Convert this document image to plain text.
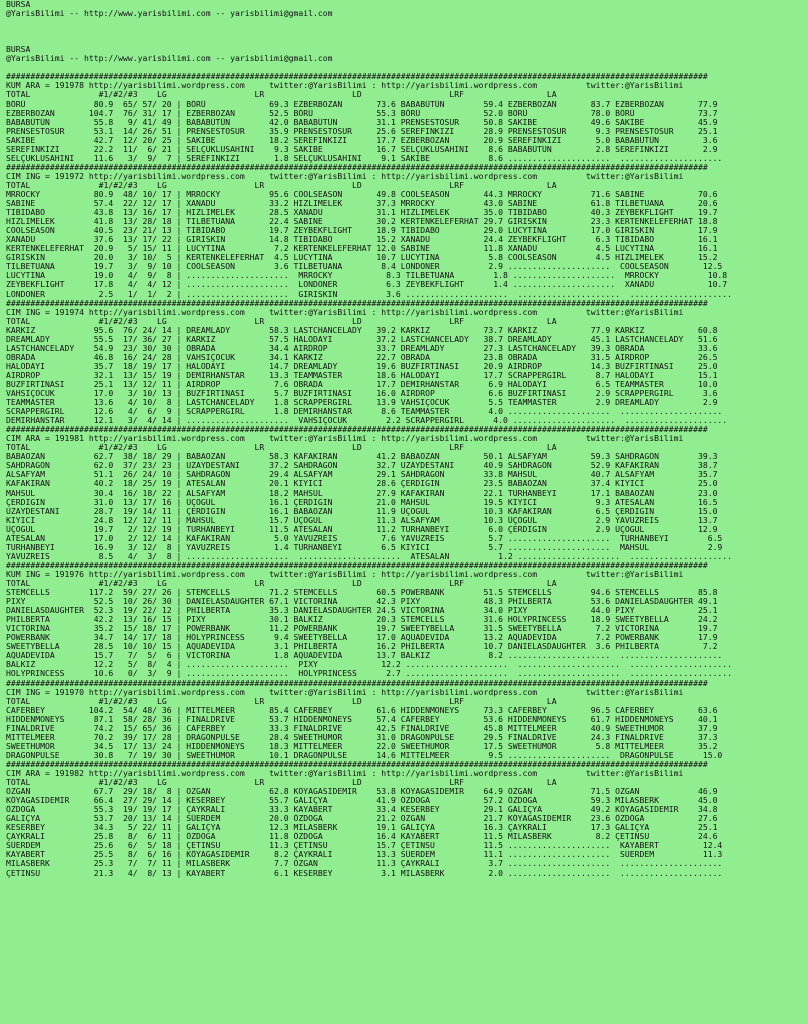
BURSA
@YarisBilimi -- http://www.yarisbilimi.com -- yarisbilimi@gmail.com

BURSA
@YarisBilimi -- http://www.yarisbilimi.com -- yarisbilimi@gmail.com

################################################################################################################################################
KUM ARA = 191978 http://yarisbilimi.wordpress.com     twitter:@YarisBilimi : http://yarisbilimi.wordpress.com          twitter:@YarisBilimi
TOTAL              #1/#2/#3    LG                  LR                  LD                  LRF                 LA
BÖRÜ              80.9  65/ 57/ 20 | BÖRÜ             69.3 EZBERBOZAN       73.6 BABABÜTÜN        59.4 EZBERBOZAN       83.7 EZBERBOZAN       77.9
EZBERBOZAN       104.7  76/ 31/ 17 | EZBERBOZAN       52.5 BÖRÜ             55.3 BÖRÜ             52.0 BÖRÜ             78.0 BÖRÜ             73.7
BABABÜTÜN         55.8   9/ 41/ 49 | BABABÜTÜN        42.0 BABABÜTÜN        31.1 PRENSESTOSUR     50.8 SAKIBE           49.6 SAKIBE           45.9
PRENSESTOSUR      53.1  14/ 26/ 51 | PRENSESTOSUR     35.9 PRENSESTOSUR     25.6 SEREFINKIZI      28.9 PRENSESTOSUR      9.3 PRENSESTOSUR     25.1
SAKIBE            42.7  12/ 20/ 25 | SAKIBE           18.2 SEREFINKIZI      17.7 EZBERBOZAN       20.9 SEREFINKIZI       5.0 BABABÜTÜN         3.6
SEREFINKIZI       22.2  11/  6/ 21 | SELÇUKLUSAHINI    9.3 SAKIBE           16.7 SELÇUKLUSAHINI    8.6 BABABÜTÜN         2.8 SEREFINKIZI       2.9
SELÇUKLUSAHINI    11.6   3/  9/  7 | SEREFINKIZI       1.8 SELÇUKLUSAHINI    9.1 SAKIBE            8.6 .....................  .....................
################################################################################################################################################
CIM ING = 191972 http://yarisbilimi.wordpress.com     twitter:@YarisBilimi : http://yarisbilimi.wordpress.com          twitter:@YarisBilimi
TOTAL              #1/#2/#3    LG                  LR                  LD                  LRF                 LA
MRROCKY           80.9  48/ 10/ 17 | MRROCKY          95.6 COOLSEASON       49.8 COOLSEASON       44.3 MRROCKY          71.6 SABINE           70.6
SABINE            57.4  22/ 12/ 17 | XANADU           33.2 HIZLIMELEK       37.3 MRROCKY          43.0 SABINE           61.8 TILBETUANA       20.6
TIBIDABO          43.8  13/ 16/ 17 | HIZLIMELEK       28.5 XANADU           31.1 HIZLIMELEK       35.0 TIBIDABO         40.3 ZEYBEKFLIGHT     19.7
HIZLIMELEK        41.8  13/ 28/ 18 | TILBETUANA       22.4 SABINE           30.2 KERTENKELEFERHAT 29.7 GIRISKIN         23.3 KERTENKELEFERHAT 18.8
COOLSEASON        40.5  23/ 21/ 13 | TIBIDABO         19.7 ZEYBEKFLIGHT     18.9 TIBIDABO         29.0 LUCYTINA         17.0 GIRISKIN         17.9
XANADU            37.6  13/ 17/ 22 | GIRISKIN         14.8 TIBIDABO         15.2 XANADU           24.4 ZEYBEKFLIGHT      6.3 TIBIDABO         16.1
KERTENKELEFERHAT  20.9   5/ 15/ 11 | LUCYTINA          7.2 KERTENKELEFERHAT 12.0 SABINE           11.8 XANADU            4.5 LUCYTINA         16.1
GIRISKIN          20.0   3/ 10/  5 | KERTENKELEFERHAT  4.5 LUCYTINA         10.7 LUCYTINA          5.8 COOLSEASON        4.5 HIZLIMELEK       15.2
TILBETUANA        19.7   3/  9/ 10 | COOLSEASON        3.6 TILBETUANA        8.4 LONDONER          2.9 .....................  COOLSEASON       12.5
LUCYTINA          19.0   4/  9/  8 | .....................  MRROCKY           8.3 TILBETUANA        1.8 .....................  MRROCKY          10.8
ZEYBEKFLIGHT      17.8   4/  4/ 12 | .....................  LONDONER          6.3 ZEYBEKFLIGHT      1.4 .....................  XANADU           10.7
LONDONER           2.5   1/  1/  2 | .....................  GIRISKIN          3.6 .....................  .....................  .....................
################################################################################################################################################
CIM ING = 191974 http://yarisbilimi.wordpress.com     twitter:@YarisBilimi : http://yarisbilimi.wordpress.com          twitter:@YarisBilimi
TOTAL              #1/#2/#3    LG                  LR                  LD                  LRF                 LA
KARKIZ            95.6  76/ 24/ 14 | DREAMLADY        58.3 LASTCHANCELADY   39.2 KARKIZ           73.7 KARKIZ           77.9 KARKIZ           60.8
DREAMLADY         55.5  17/ 36/ 27 | KARKIZ           57.5 HALODAYI         37.2 LASTCHANCELADY   38.7 DREAMLADY        45.1 LASTCHANCELADY   51.6
LASTCHANCELADY    54.9  23/ 30/ 30 | OBRADA           34.4 AIRDROP          33.7 DREAMLADY        27.3 LASTCHANCELADY   39.3 OBRADA           33.6
OBRADA            46.8  16/ 24/ 28 | VAHSIÇOCUK       34.1 KARKIZ           22.7 OBRADA           23.8 OBRADA           31.5 AIRDROP          26.5
HALODAYI          35.7  18/ 19/ 17 | HALODAYI         14.7 DREAMLADY        19.6 BUZFIRTINASI     20.9 AIRDROP          14.3 BUZFIRTINASI     25.0
AIRDROP           32.1  13/ 15/ 19 | DEMIRHANSTAR     13.3 TEAMMASTER       18.6 HALODAYI         17.7 SCRAPPERGIRL      8.7 HALODAYI         15.1
BUZFIRTINASI      25.1  13/ 12/ 11 | AIRDROP           7.6 OBRADA           17.7 DEMIRHANSTAR      6.9 HALODAYI          6.5 TEAMMASTER       10.0
VAHSIÇOCUK        17.0   3/ 10/ 13 | BUZFIRTINASI      5.7 BUZFIRTINASI     16.0 AIRDROP           6.6 BUZFIRTINASI      2.9 SCRAPPERGIRL      3.6
TEAMMASTER        13.6   4/ 10/  8 | LASTCHANCELADY    1.8 SCRAPPERGIRL     13.9 VAHSIÇOCUK        5.5 TEAMMASTER        2.9 DREAMLADY         2.9
SCRAPPERGIRL      12.6   4/  6/  9 | SCRAPPERGIRL      1.8 DEMIRHANSTAR      8.6 TEAMMASTER        4.0 .....................  .....................
DEMIRHANSTAR      12.1   3/  4/ 14 | .....................  VAHSIÇOCUK        2.2 SCRAPPERGIRL      4.0 .....................  .....................
################################################################################################################################################
CIM ARA = 191981 http://yarisbilimi.wordpress.com     twitter:@YarisBilimi : http://yarisbilimi.wordpress.com          twitter:@YarisBilimi
TOTAL              #1/#2/#3    LG                  LR                  LD                  LRF                 LA
BABAOZAN          62.7  38/ 18/ 29 | BABAOZAN         58.3 KAFAKIRAN        41.2 BABAOZAN         50.1 ALSAFYAM         59.3 SAHDRAGON        39.3
SAHDRAGON         62.0  37/ 23/ 23 | UZAYDESTANI      37.2 SAHDRAGON        32.7 UZAYDESTANI      40.9 SAHDRAGON        52.9 KAFAKIRAN        38.7
ALSAFYAM          51.1  26/ 24/ 10 | SAHDRAGON        29.4 ALSAFYAM         29.1 SAHDRAGON        33.8 MAHSUL           40.7 ALSAFYAM         35.7
KAFAKIRAN         40.2  18/ 25/ 19 | ATESALAN         20.1 KIYICI           28.6 ÇERDIGIN         23.5 BABAOZAN         37.4 KIYICI           25.0
MAHSUL            30.4  16/ 18/ 22 | ALSAFYAM         18.2 MAHSUL           27.9 KAFAKIRAN        22.1 TURHANBEYI       17.1 BABAOZAN         23.0
ÇERDIGIN          31.0  13/ 17/ 16 | ÜÇOGUL           16.1 ÇERDIGIN         21.0 MAHSUL           19.5 KIYICI            9.3 ATESALAN         16.5
UZAYDESTANI       28.7  19/ 14/ 11 | ÇERDIGIN         16.1 BABAOZAN         11.9 ÜÇOGUL           10.3 KAFAKIRAN         6.5 ÇERDIGIN         15.0
KIYICI            24.8  12/ 12/ 11 | MAHSUL           15.7 ÜÇOGUL           11.3 ALSAFYAM         10.3 ÜÇOGUL            2.9 YAVUZREIS        13.7
ÜÇOGUL            19.7   2/ 12/ 19 | TURHANBEYI       11.5 ATESALAN         11.2 TURHANBEYI        6.0 ÇERDIGIN          2.9 ÜÇOGUL           12.9
ATESALAN          17.0   2/ 12/ 14 | KAFAKIRAN         5.0 YAVUZREIS         7.6 YAVUZREIS         5.7 .....................  TURHANBEYI        6.5
TURHANBEYI        16.9   3/ 12/  8 | YAVUZREIS         1.4 TURHANBEYI        6.5 KIYICI            5.7 .....................  MAHSUL            2.9
YAVUZREIS          8.5   4/  3/  8 | .....................  .....................  ATESALAN          1.2 .....................  .....................
################################################################################################################################################
KUM ING = 191976 http://yarisbilimi.wordpress.com     twitter:@YarisBilimi : http://yarisbilimi.wordpress.com          twitter:@YarisBilimi
TOTAL              #1/#2/#3    LG                  LR                  LD                  LRF                 LA
STEMCELLS        117.2  59/ 27/ 26 | STEMCELLS        71.2 STEMCELLS        60.5 POWERBANK        51.5 STEMCELLS        94.6 STEMCELLS        85.8
PIXY              52.5  10/ 26/ 30 | DANIELASDAUGHTER 67.1 VICTORINA        42.3 PIXY             48.3 PHILBERTA        53.6 DANIELASDAUGHTER 49.1
DANIELASDAUGHTER  52.3  19/ 22/ 12 | PHILBERTA        35.3 DANIELASDAUGHTER 24.5 VICTORINA        34.0 PIXY             44.0 PIXY             25.1
PHILBERTA         42.2  13/ 16/ 15 | PIXY             30.1 BALKIZ           20.3 STEMCELLS        31.6 HOLYPRINCESS     18.9 SWEETYBELLA      24.2
VICTORINA         35.2  15/ 18/ 17 | POWERBANK        11.2 POWERBANK        19.7 SWEETYBELLA      31.5 SWEETYBELLA       7.2 VICTORINA        19.7
POWERBANK         34.7  14/ 17/ 18 | HOLYPRINCESS      9.4 SWEETYBELLA      17.0 AQUADEVIDA       13.2 AQUADEVIDA        7.2 POWERBANK        17.9
SWEETYBELLA       28.5  10/ 10/ 15 | AQUADEVIDA        3.1 PHILBERTA        16.2 PHILBERTA        10.7 DANIELASDAUGHTER  3.6 PHILBERTA         7.2
AQUADEVIDA        15.7   7/  5/  6 | VICTORINA         1.8 AQUADEVIDA       13.7 BALKIZ            8.2 .....................  .....................
BALKIZ            12.2   5/  8/  4 | .....................  PIXY             12.2 .....................  .....................  .....................
HOLYPRINCESS      10.6   0/  3/  9 | .....................  HOLYPRINCESS      2.7 .....................  .....................  .....................
################################################################################################################################################
CIM ING = 191970 http://yarisbilimi.wordpress.com     twitter:@YarisBilimi : http://yarisbilimi.wordpress.com          twitter:@YarisBilimi
TOTAL              #1/#2/#3    LG                  LR                  LD                  LRF                 LA
CAFERBEY         104.2  54/ 48/ 36 | MITTELMEER       85.4 CAFERBEY         61.6 HIDDENMONEYS     73.3 CAFERBEY         96.5 CAFERBEY         63.6
HIDDENMONEYS      87.1  58/ 28/ 36 | FINALDRIVE       53.7 HIDDENMONEYS     57.4 CAFERBEY         53.6 HIDDENMONEYS     61.7 HIDDENMONEYS     40.1
FINALDRIVE        74.2  15/ 65/ 36 | CAFERBEY         33.3 FINALDRIVE       42.5 FINALDRIVE       45.8 MITTELMEER       40.9 SWEETHUMOR       37.9
MITTELMEER        70.2  39/ 17/ 28 | DRAGONPULSE      28.4 SWEETHUMOR       31.0 DRAGONPULSE      29.5 FINALDRIVE       24.3 FINALDRIVE       37.3
SWEETHUMOR        34.5  17/ 13/ 24 | HIDDENMONEYS     18.3 MITTELMEER       22.0 SWEETHUMOR       17.5 SWEETHUMOR        5.8 MITTELMEER       35.2
DRAGONPULSE       30.8   7/ 19/ 30 | SWEETHUMOR       10.1 DRAGONPULSE      14.6 MITTELMEER        9.5 .....................  DRAGONPULSE      15.0
################################################################################################################################################
CIM ARA = 191982 http://yarisbilimi.wordpress.com     twitter:@YarisBilimi : http://yarisbilimi.wordpress.com          twitter:@YarisBilimi
TOTAL              #1/#2/#3    LG                  LR                  LD                  LRF                 LA
OZGAN             67.7  29/ 18/  8 | OZGAN            62.8 KÖYAGASIDEMIR    53.8 KÖYAGASIDEMIR    64.9 OZGAN            71.5 OZGAN            46.9
KÖYAGASIDEMIR     66.4  27/ 29/ 14 | KESERBEY         55.7 GALIÇYA          41.9 ÖZDOGA           57.2 ÖZDOGA           59.3 MILASBERK        45.0
ÖZDOGA            55.3  19/ 19/ 17 | ÇAYKRALI         33.3 KAYABERT         33.4 KESERBEY         29.1 GALIÇYA          49.2 KÖYAGASIDEMIR    34.8
GALIÇYA           53.7  20/ 13/ 14 | SÜERDEM          20.0 ÖZDOGA           21.2 OZGAN            21.7 KÖYAGASIDEMIR    23.6 ÖZDOGA           27.6
KESERBEY          34.3   5/ 22/ 11 | GALIÇYA          12.3 MILASBERK        19.1 GALIÇYA          16.3 ÇAYKRALI         17.3 GALIÇYA          25.1
ÇAYKRALI          25.8   8/  6/ 11 | ÖZDOGA           11.8 ÖZDOGA           16.4 KAYABERT         11.5 MILASBERK         8.2 ÇETINSU          24.6
SÜERDEM           25.6   6/  5/ 18 | ÇETINSU          11.3 ÇETINSU          15.7 ÇETINSU          11.5 .....................  KAYABERT         12.4
KAYABERT          25.5   8/  6/ 16 | KÖYAGASIDEMIR     8.2 ÇAYKRALI         13.3 SÜERDEM          11.1 .....................  SÜERDEM          11.3
MILASBERK         25.3   7/  7/ 11 | MILASBERK         7.7 OZGAN            11.3 ÇAYKRALI          3.7 .....................  .....................
ÇETINSU           21.3   4/  8/ 13 | KAYABERT          6.1 KESERBEY          3.1 MILASBERK         2.0 .....................  .....................
